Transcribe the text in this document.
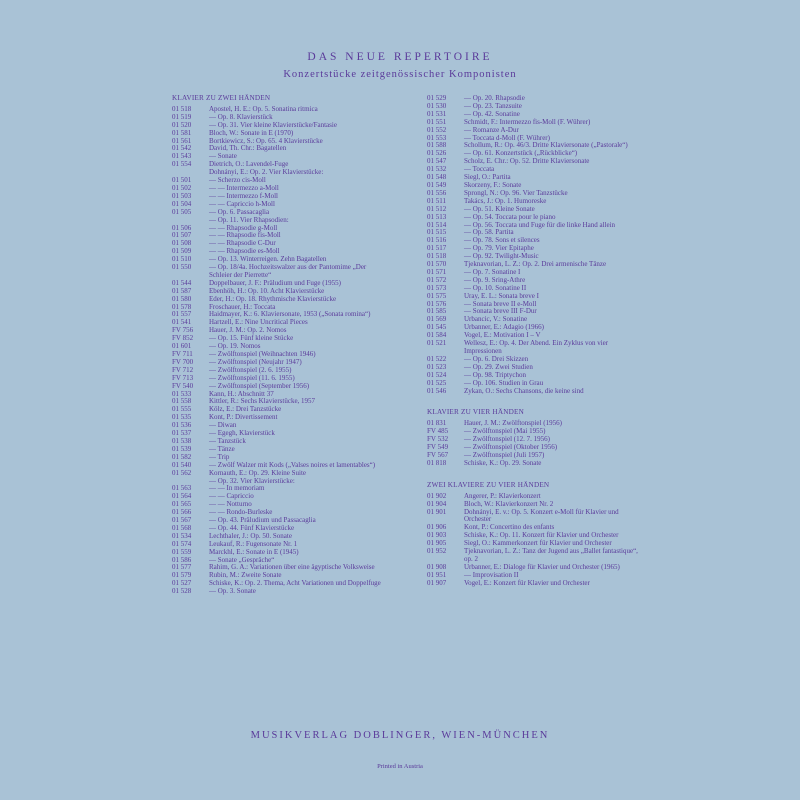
DAS NEUE REPERTOIRE
Konzertstücke zeitgenössischer Komponisten
KLAVIER ZU ZWEI HÄNDEN
01 518	Apostel, H. E.: Op. 5. Sonatina ritmica
01 519	— Op. 8. Klavierstück
01 520	— Op. 31. Vier kleine Klavierstücke/Fantasie
01 581	Bloch, W.: Sonate in E (1970)
01 561	Bortkiewicz, S.: Op. 65. 4 Klavierstücke
01 542	David, Th. Chr.: Bagatellen
01 543	— Sonate
01 554	Dietrich, O.: Lavendel-Fuge
Dohnányi, E.: Op. 2. Vier Klavierstücke:
01 501	— Scherzo cis-Moll
01 502	— — Intermezzo a-Moll
01 503	— — Intermezzo f-Moll
01 504	— — Capriccio h-Moll
01 505	— Op. 6. Passacaglia
— Op. 11. Vier Rhapsodien:
01 506	— — Rhapsodie g-Moll
01 507	— — Rhapsodie fis-Moll
01 508	— — Rhapsodie C-Dur
01 509	— — Rhapsodie es-Moll
01 510	— Op. 13. Winterreigen. Zehn Bagatellen
01 550	— Op. 18/4a. Hochzeitswalzer aus der Pantomime „Der Schleier der Pierrette“
01 544	Doppelbauer, J. F.: Präludium und Fuge (1955)
01 587	Ebenhöh, H.: Op. 10. Acht Klavierstücke
01 580	Eder, H.: Op. 18. Rhythmische Klavierstücke
01 578	Froschauer, H.: Toccata
01 557	Haidmayer, K.: 6. Klaviersonate, 1953 („Sonata romina“)
01 541	Hartzell, E.: Nine Uncritical Pieces
FV 756	Hauer, J. M.: Op. 2. Nomos
FV 852	— Op. 15. Fünf kleine Stücke
01 601	— Op. 19. Nomos
FV 711	— Zwölftonspiel (Weihnachten 1946)
FV 700	— Zwölftonspiel (Neujahr 1947)
FV 712	— Zwölftonspiel (2. 6. 1955)
FV 713	— Zwölftonspiel (11. 6. 1955)
FV 540	— Zwölftonspiel (September 1956)
01 533	Kann, H.: Abschnitt 37
01 558	Kittler, R.: Sechs Klavierstücke, 1957
01 555	Kölz, E.: Drei Tanzstücke
01 535	Kont, P.: Divertissement
01 536	— Diwan
01 537	— Egegh, Klavierstück
01 538	— Tanzstück
01 539	— Tänze
01 582	— Trip
01 540	— Zwölf Walzer mit Kods („Valses noires et lamentables“)
01 562	Kornauth, E.: Op. 29. Kleine Suite
— Op. 32. Vier Klavierstücke:
01 563	— — In memoriam
01 564	— — Capriccio
01 565	— — Notturno
01 566	— — Rondo-Burleske
01 567	— Op. 43. Präludium und Passacaglia
01 568	— Op. 44. Fünf Klavierstücke
01 534	Lechthaler, J.: Op. 50. Sonate
01 574	Leukauf, R.: Fugensonate Nr. 1
01 559	Marckhl, E.: Sonate in E (1945)
01 586	— Sonate „Gespräche“
01 577	Rahim, G. A.: Variationen über eine ägyptische Volksweise
01 579	Rubin, M.: Zweite Sonate
01 527	Schiske, K.: Op. 2. Thema, Acht Variationen und Doppelfuge
01 528	— Op. 3. Sonate
01 529	— Op. 20. Rhapsodie
01 530	— Op. 23. Tanzsuite
01 531	— Op. 42. Sonatine
01 551	Schmidt, F.: Intermezzo fis-Moll (F. Wührer)
01 552	— Romanze A-Dur
01 553	— Toccata d-Moll (F. Wührer)
01 588	Schollum, R.: Op. 46/3. Dritte Klaviersonate („Pastorale“)
01 526	— Op. 61. Konzertstück („Rückblicke“)
01 547	Scholz, E. Chr.: Op. 52. Dritte Klaviersonate
01 532	— Toccata
01 548	Siegl, O.: Partita
01 549	Skorzeny, F.: Sonate
01 556	Sprongl, N.: Op. 96. Vier Tanzstücke
01 511	Takács, J.: Op. 1. Humoreske
01 512	— Op. 51. Kleine Sonate
01 513	— Op. 54. Toccata pour le piano
01 514	— Op. 56. Toccata und Fuge für die linke Hand allein
01 515	— Op. 58. Partita
01 516	— Op. 78. Sons et silences
01 517	— Op. 79. Vier Epitaphe
01 518	— Op. 92. Twilight-Music
01 570	Tjeknavorian, L. Z.: Op. 2. Drei armenische Tänze
01 571	— Op. 7. Sonatine I
01 572	— Op. 9. Sring-Athre
01 573	— Op. 10. Sonatine II
01 575	Uray, E. L.: Sonata breve I
01 576	— Sonata breve II e-Moll
01 585	— Sonata breve III F-Dur
01 569	Urbancic, V.: Sonatine
01 545	Urbanner, E.: Adagio (1966)
01 584	Vogel, E.: Motivation I – V
01 521	Wellesz, E.: Op. 4. Der Abend. Ein Zyklus von vier Impressionen
01 522	— Op. 6. Drei Skizzen
01 523	— Op. 29. Zwei Studien
01 524	— Op. 98. Triptychon
01 525	— Op. 106. Studien in Grau
01 546	Zykan, O.: Sechs Chansons, die keine sind
KLAVIER ZU VIER HÄNDEN
01 831	Hauer, J. M.: Zwölftonspiel (1956)
FV 485	— Zwölftonspiel (Mai 1955)
FV 532	— Zwölftonspiel (12. 7. 1956)
FV 549	— Zwölftonspiel (Oktober 1956)
FV 567	— Zwölftonspiel (Juli 1957)
01 818	Schiske, K.: Op. 29. Sonate
ZWEI KLAVIERE ZU VIER HÄNDEN
01 902	Angerer, P.: Klavierkonzert
01 904	Bloch, W.: Klavierkonzert Nr. 2
01 901	Dohnányi, E. v.: Op. 5. Konzert e-Moll für Klavier und Orchester
01 906	Kont, P.: Concertino des enfants
01 903	Schiske, K.: Op. 11. Konzert für Klavier und Orchester
01 905	Siegl, O.: Kammerkonzert für Klavier und Orchester
01 952	Tjeknavorian, L. Z.: Tanz der Jugend aus „Ballet fantastique“, op. 2
01 908	Urbanner, E.: Dialoge für Klavier und Orchester (1965)
01 951	— Improvisation II
01 907	Vogel, E.: Konzert für Klavier und Orchester
MUSIKVERLAG DOBLINGER, WIEN-MÜNCHEN
Printed in Austria
